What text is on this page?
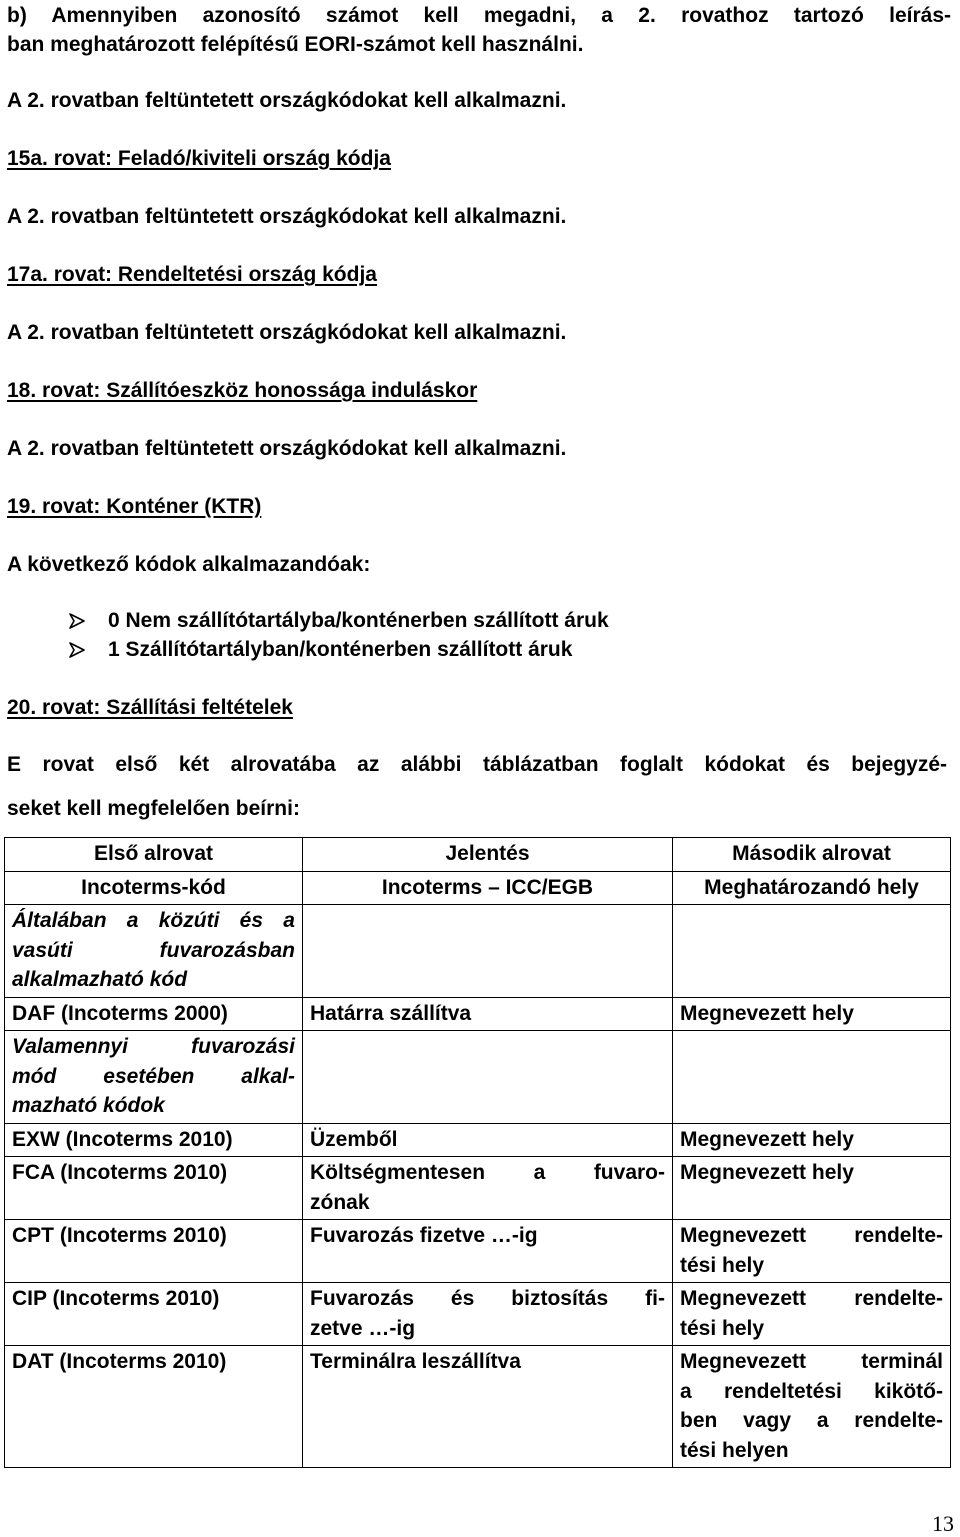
b) Amennyiben azonosító számot kell megadni, a 2. rovathoz tartozó leírás-
ban meghatározott felépítésű EORI-számot kell használni.
A 2. rovatban feltüntetett országkódokat kell alkalmazni.
15a. rovat: Feladó/kiviteli ország kódja
A 2. rovatban feltüntetett országkódokat kell alkalmazni.
17a. rovat: Rendeltetési ország kódja
A 2. rovatban feltüntetett országkódokat kell alkalmazni.
18. rovat: Szállítóeszköz honossága induláskor
A 2. rovatban feltüntetett országkódokat kell alkalmazni.
19. rovat: Konténer (KTR)
A következő kódok alkalmazandóak:
0 Nem szállítótartályba/konténerben szállított áruk
1 Szállítótartályban/konténerben szállított áruk
20. rovat: Szállítási feltételek
E rovat első két alrovatába az alábbi táblázatban foglalt kódokat és bejegyzé-
seket kell megfelelően beírni:
Első alrovat	Jelentés	Második alrovat
Incoterms-kód	Incoterms – ICC/EGB	Meghatározandó hely

Általában a közúti és a
vasúti fuvarozásban
alkalmazható kód		

DAF (Incoterms 2000)	Határra szállítva	Megnevezett hely

Valamennyi fuvarozási
mód esetében alkal-
mazható kódok		

EXW (Incoterms 2010)	Üzemből	Megnevezett hely
FCA (Incoterms 2010)	Költségmentesen a fuvaro-
zónak	Megnevezett hely
CPT (Incoterms 2010)	Fuvarozás fizetve …-ig	Megnevezett rendelte-
tési hely

CIP (Incoterms 2010)	Fuvarozás és biztosítás fi-
zetve …-ig	Megnevezett rendelte-
tési hely

DAT (Incoterms 2010)	Terminálra leszállítva	Megnevezett terminál
a rendeltetési kikötő-
ben vagy a rendelte-
tési helyen
13
